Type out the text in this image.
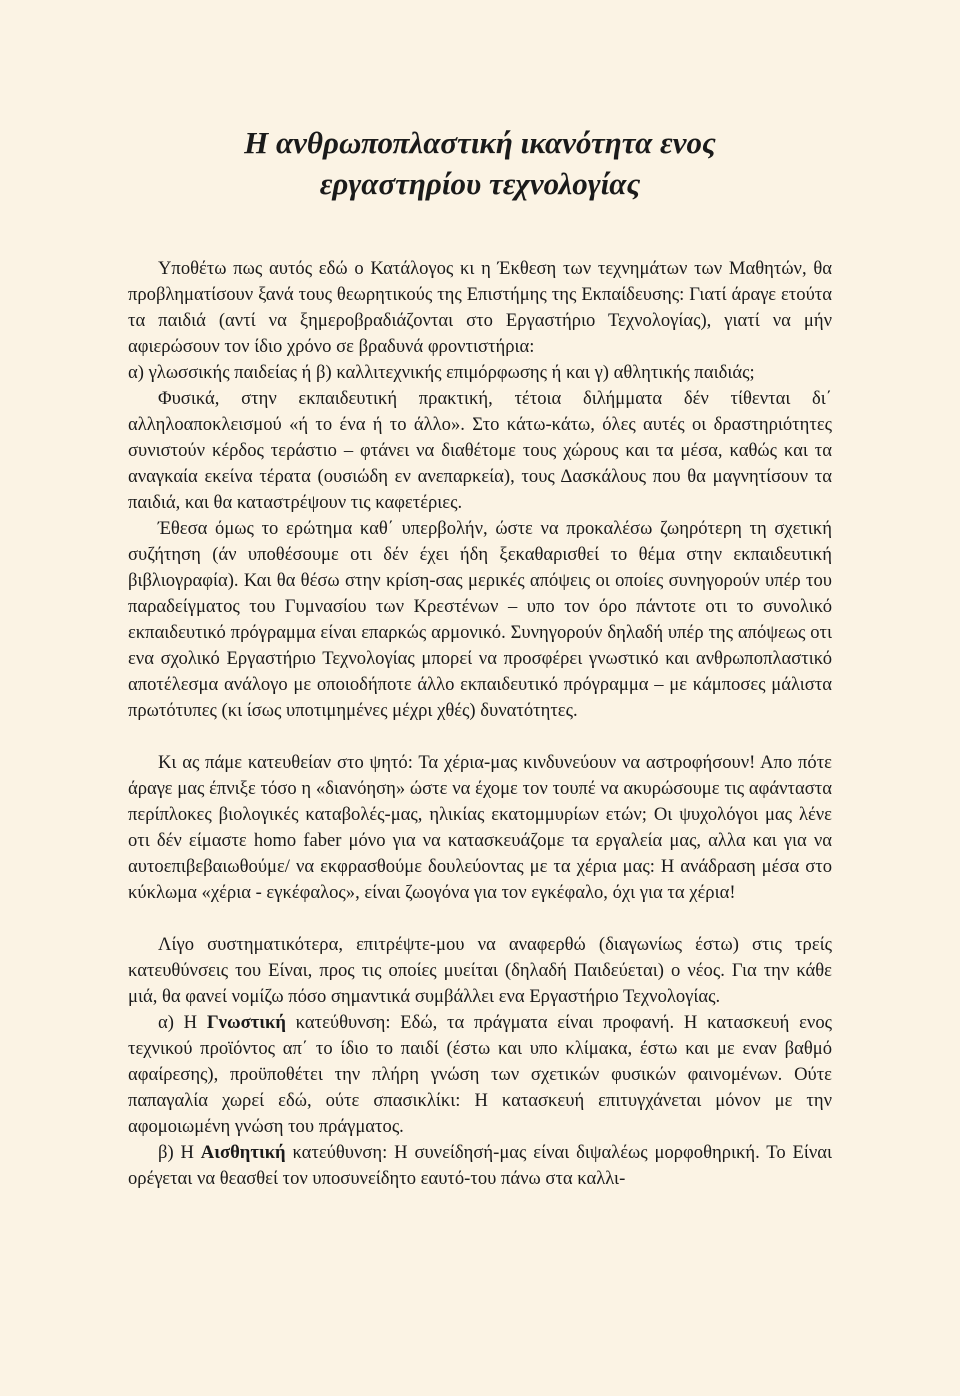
Η ανθρωποπλαστική ικανότητα ενος
εργαστηρίου τεχνολογίας

Υποθέτω πως αυτός εδώ ο Κατάλογος κι η Έκθεση των τεχνημάτων των Μαθητών, θα προβληματίσουν ξανά τους θεωρητικούς της Επιστήμης της Εκπαίδευσης: Γιατί άραγε ετούτα τα παιδιά (αντί να ξημεροβραδιάζονται στο Εργαστήριο Τεχνολογίας), γιατί να μήν αφιερώσουν τον ίδιο χρόνο σε βραδυνά φροντιστήρια:

α) γλωσσικής παιδείας ή β) καλλιτεχνικής επιμόρφωσης ή και γ) αθλητικής παιδιάς;

Φυσικά, στην εκπαιδευτική πρακτική, τέτοια διλήμματα δέν τίθενται δι΄ αλληλοαποκλεισμού «ή το ένα ή το άλλο». Στο κάτω-κάτω, όλες αυτές οι δραστηριότητες συνιστούν κέρδος τεράστιο – φτάνει να διαθέτομε τους χώρους και τα μέσα, καθώς και τα αναγκαία εκείνα τέρατα (ουσιώδη εν ανεπαρκεία), τους Δασκάλους που θα μαγνητίσουν τα παιδιά, και θα καταστρέψουν τις καφετέριες.

Έθεσα όμως το ερώτημα καθ΄ υπερβολήν, ώστε να προκαλέσω ζωηρότερη τη σχετική συζήτηση (άν υποθέσουμε οτι δέν έχει ήδη ξεκαθαρισθεί το θέμα στην εκπαιδευτική βιβλιογραφία). Και θα θέσω στην κρίση-σας μερικές απόψεις οι οποίες συνηγορούν υπέρ του παραδείγματος του Γυμνασίου των Κρεστένων – υπο τον όρο πάντοτε οτι το συνολικό εκπαιδευτικό πρόγραμμα είναι επαρκώς αρμονικό. Συνηγορούν δηλαδή υπέρ της απόψεως οτι ενα σχολικό Εργαστήριο Τεχνολογίας μπορεί να προσφέρει γνωστικό και ανθρωποπλαστικό αποτέλεσμα ανάλογο με οποιοδήποτε άλλο εκπαιδευτικό πρόγραμμα – με κάμποσες μάλιστα πρωτότυπες (κι ίσως υποτιμημένες μέχρι χθές) δυνατότητες.

Κι ας πάμε κατευθείαν στο ψητό: Τα χέρια-μας κινδυνεύουν να αστροφήσουν! Απο πότε άραγε μας έπνιξε τόσο η «διανόηση» ώστε να έχομε τον τουπέ να ακυρώσουμε τις αφάνταστα περίπλοκες βιολογικές καταβολές-μας, ηλικίας εκατομμυρίων ετών; Οι ψυχολόγοι μας λένε οτι δέν είμαστε homo faber μόνο για να κατασκευάζομε τα εργαλεία μας, αλλα και για να αυτοεπιβεβαιωθούμε/ να εκφρασθούμε δουλεύοντας με τα χέρια μας: Η ανάδραση μέσα στο κύκλωμα «χέρια - εγκέφαλος», είναι ζωογόνα για τον εγκέφαλο, όχι για τα χέρια!

Λίγο συστηματικότερα, επιτρέψτε-μου να αναφερθώ (διαγωνίως έστω) στις τρείς κατευθύνσεις του Είναι, προς τις οποίες μυείται (δηλαδή Παιδεύεται) ο νέος. Για την κάθε μιά, θα φανεί νομίζω πόσο σημαντικά συμβάλλει ενα Εργαστήριο Τεχνολογίας.

α) Η Γνωστική κατεύθυνση: Εδώ, τα πράγματα είναι προφανή. Η κατασκευή ενος τεχνικού προϊόντος απ΄ το ίδιο το παιδί (έστω και υπο κλίμακα, έστω και με εναν βαθμό αφαίρεσης), προϋποθέτει την πλήρη γνώση των σχετικών φυσικών φαινομένων. Ούτε παπαγαλία χωρεί εδώ, ούτε σπασικλίκι: Η κατασκευή επιτυγχάνεται μόνον με την αφομοιωμένη γνώση του πράγματος.

β) Η Αισθητική κατεύθυνση: Η συνείδησή-μας είναι διψαλέως μορφοθηρική. Το Είναι ορέγεται να θεασθεί τον υποσυνείδητο εαυτό-του πάνω στα καλλι-
